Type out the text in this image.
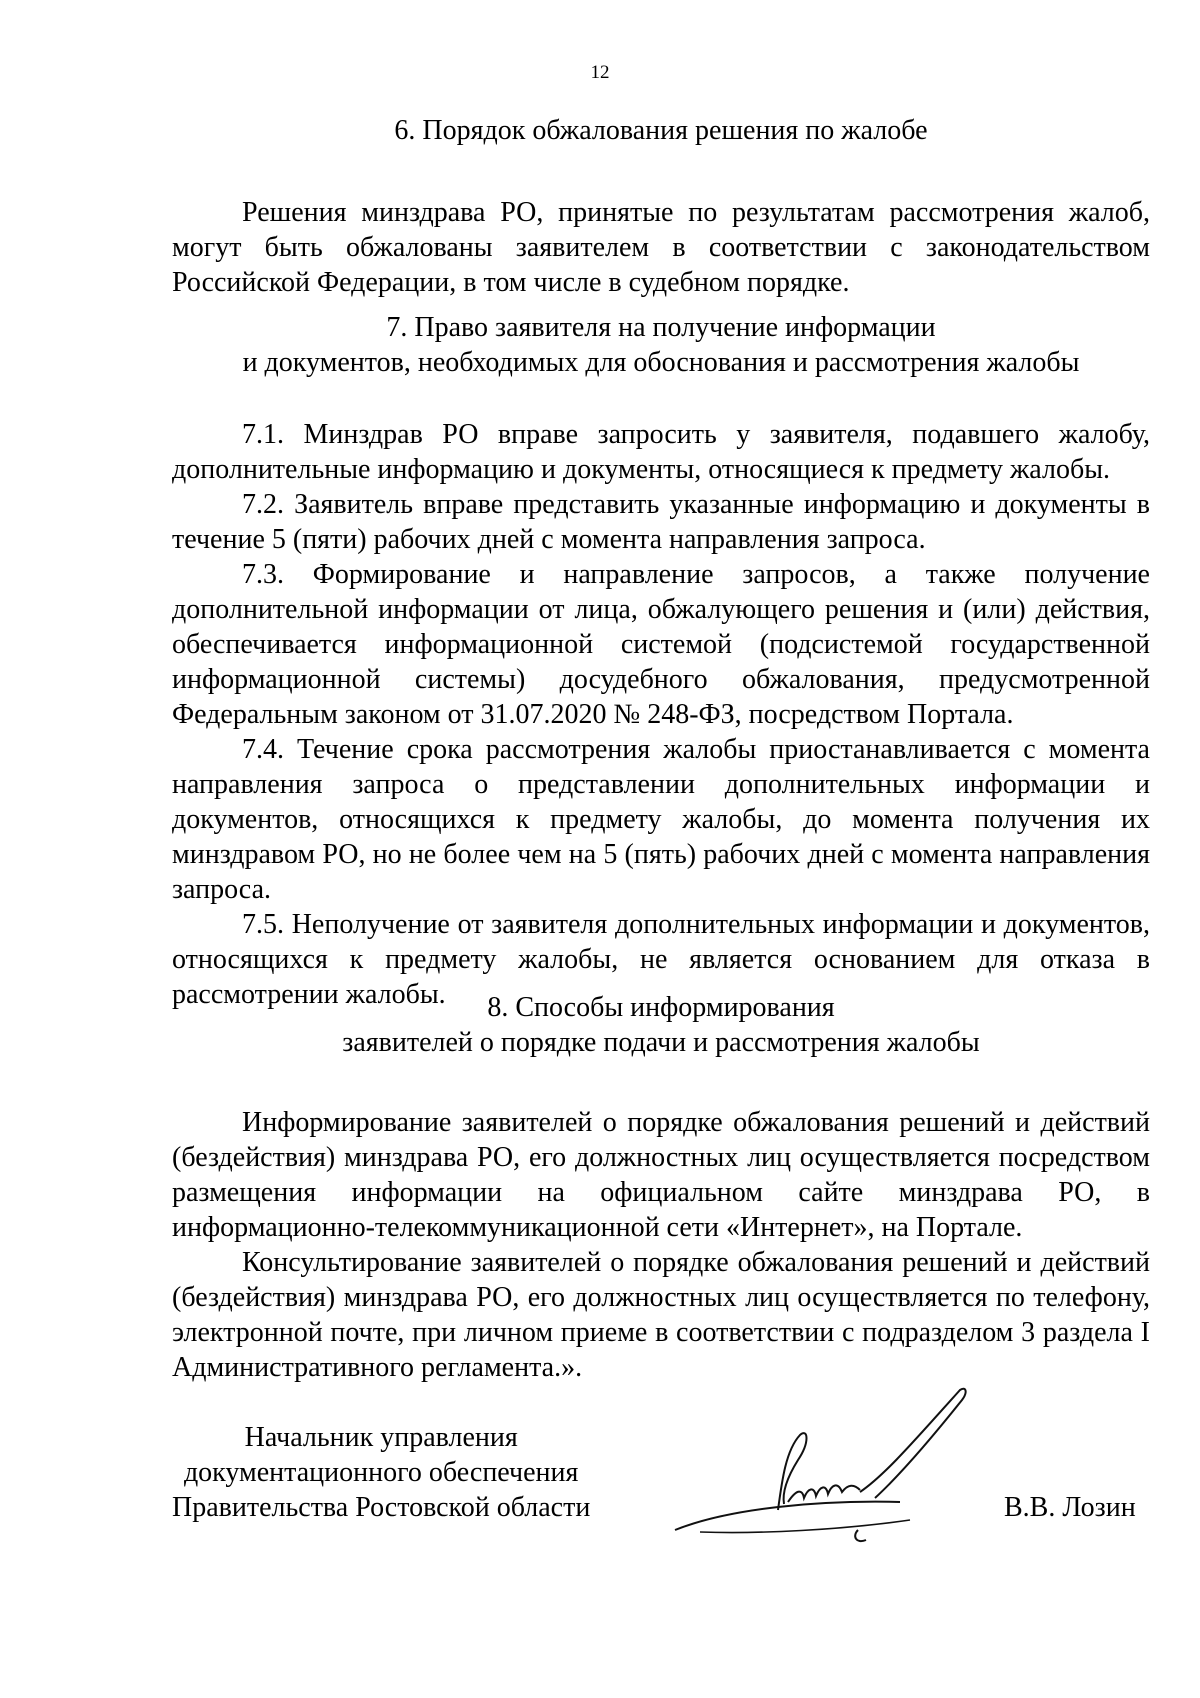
12

6. Порядок обжалования решения по жалобе

Решения минздрава РО, принятые по результатам рассмотрения жалоб, могут быть обжалованы заявителем в соответствии с законодательством Российской Федерации, в том числе в судебном порядке.

7. Право заявителя на получение информации

и документов, необходимых для обоснования и рассмотрения жалобы

7.1. Минздрав РО вправе запросить у заявителя, подавшего жалобу, дополнительные информацию и документы, относящиеся к предмету жалобы.

7.2. Заявитель вправе представить указанные информацию и документы в течение 5 (пяти) рабочих дней с момента направления запроса.

7.3. Формирование и направление запросов, а также получение дополнительной информации от лица, обжалующего решения и (или) действия, обеспечивается информационной системой (подсистемой государственной информационной системы) досудебного обжалования, предусмотренной Федеральным законом от 31.07.2020 № 248-ФЗ, посредством Портала.

7.4. Течение срока рассмотрения жалобы приостанавливается с момента направления запроса о представлении дополнительных информации и документов, относящихся к предмету жалобы, до момента получения их минздравом РО, но не более чем на 5 (пять) рабочих дней с момента направления запроса.

7.5. Неполучение от заявителя дополнительных информации и документов, относящихся к предмету жалобы, не является основанием для отказа в рассмотрении жалобы.	8. Способы информирования

заявителей о порядке подачи и рассмотрения жалобы

Информирование заявителей о порядке обжалования решений и действий (бездействия) минздрава РО, его должностных лиц осуществляется посредством размещения информации на официальном сайте минздрава РО, в информационно-телекоммуникационной сети «Интернет», на Портале.

Консультирование заявителей о порядке обжалования решений и действий (бездействия) минздрава РО, его должностных лиц осуществляется по телефону, электронной почте, при личном приеме в соответствии с подразделом 3 раздела I Административного регламента.».

Начальник управления
документационного обеспечения
Правительства Ростовской области	В.В. Лозин
